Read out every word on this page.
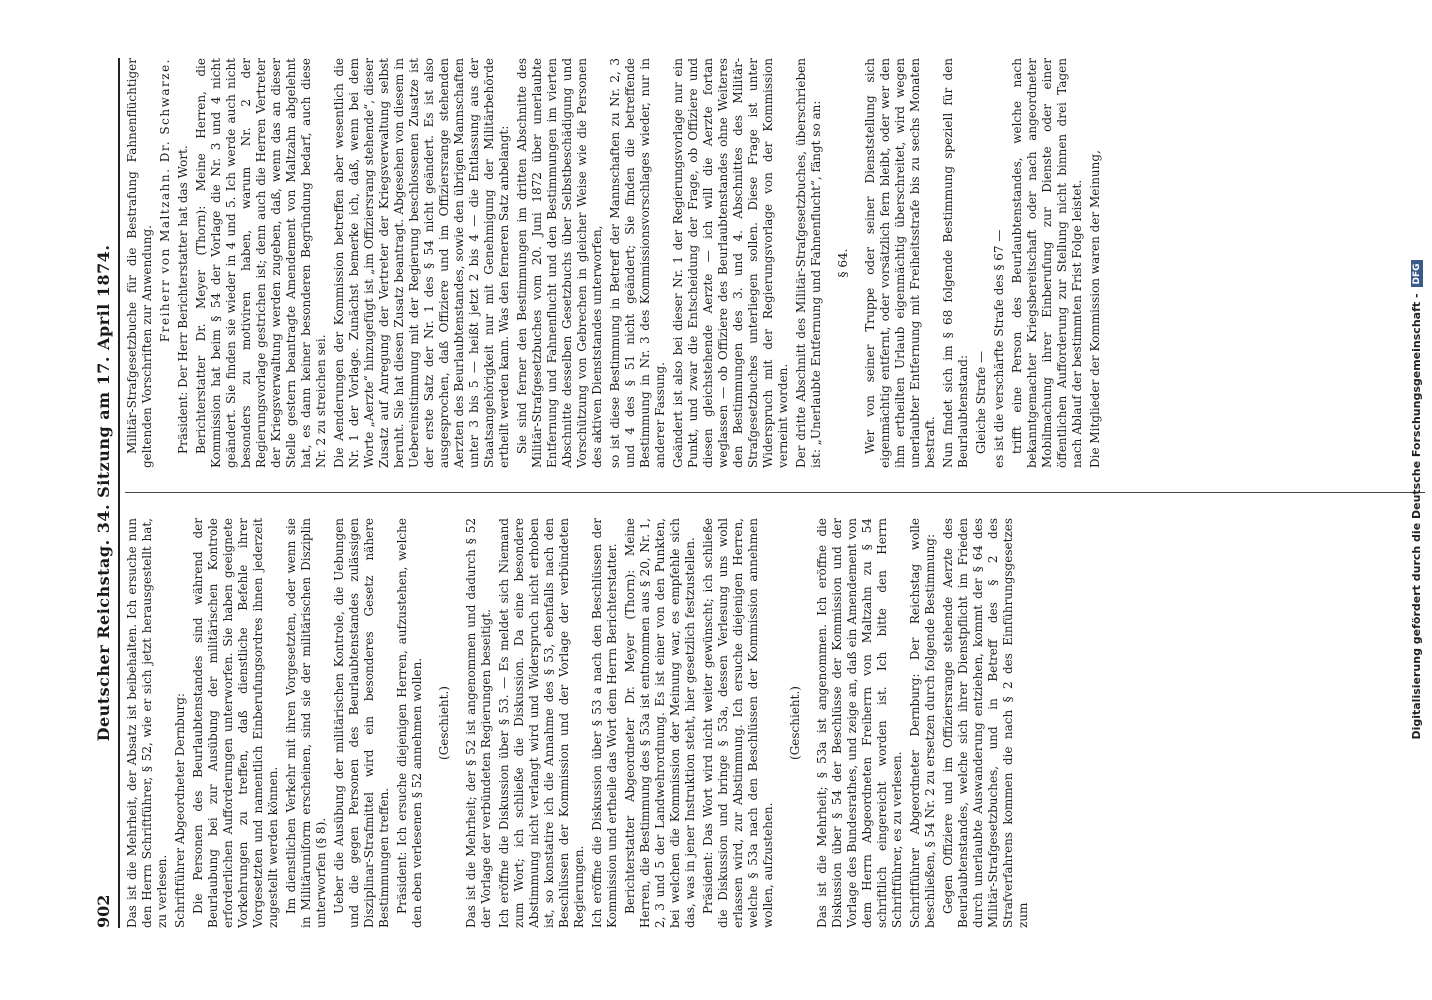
902
Deutscher Reichstag. 34. Sitzung am 17. April 1874. Das ist die Mehrheit, der Absatz ist beibehalten. Ich ersuche nun den Herrn Schriftführer, § 52, wie er sich jetzt herausgestellt hat, zu verlesen. Schriftführer Abgeordneter Dernburg: Die Personen des Beurlaubtenstandes sind während der Beurlaubung bei zur Ausübung der militärischen Kontrole erforderlichen Aufforderungen unterworfen. Sie haben geeignete Vorkehrungen zu treffen, daß dienstliche Befehle ihrer Vorgesetzten und namentlich Einberufungsordres ihnen jederzeit zugestellt werden können. Im dienstlichen Verkehr mit ihren Vorgesetzten, oder wenn sie in Militäruniform erscheinen, sind sie der militärischen Disziplin unterworfen (§ 8). Ueber die Ausübung der militärischen Kontrole, die Uebungen und die gegen Personen des Beurlaubtenstandes zulässigen Disziplinar-Strafmittel wird ein besonderes Gesetz nähere Bestimmungen treffen. Präsident: Ich ersuche diejenigen Herren, aufzustehen, welche den eben verlesenen § 52 annehmen wollen. (Geschieht.) Das ist die Mehrheit; der § 52 ist angenommen und dadurch § 52 der Vorlage der verbündeten Regierungen beseitigt. Ich eröffne die Diskussion über § 53. — Es meldet sich Niemand zum Wort; ich schließe die Diskussion. Da eine besondere Abstimmung nicht verlangt wird und Widerspruch nicht erhoben ist, so konstatire ich die Annahme des § 53, ebenfalls nach den Beschlüssen der Kommission und der Vorlage der verbündeten Regierungen. Ich eröffne die Diskussion über § 53 a nach den Beschlüssen der Kommission und ertheile das Wort dem Herrn Berichterstatter. Berichterstatter Abgeordneter Dr. Meyer (Thorn): Meine Herren, die Bestimmung des § 53a ist entnommen aus § 20, Nr. 1, 2, 3 und 5 der Landwehrordnung. Es ist einer von den Punkten, bei welchen die Kommission der Meinung war, es empfehle sich das, was in jener Instruktion steht, hier gesetzlich festzustellen. Präsident: Das Wort wird nicht weiter gewünscht; ich schließe die Diskussion und bringe § 53a, dessen Verlesung uns wohl erlassen wird, zur Abstimmung. Ich ersuche diejenigen Herren, welche § 53a nach den Beschlüssen der Kommission annehmen wollen, aufzustehen.

(Geschieht.) Das ist die Mehrheit; § 53a ist angenommen. Ich eröffne die Diskussion über § 54 der Beschlüsse der Kommission und der Vorlage des Bundesrathes, und zeige an, daß ein Amendement von dem Herrn Abgeordneten Freiherrn von Maltzahn zu § 54 schriftlich eingereicht worden ist. Ich bitte den Herrn Schriftführer, es zu verlesen. Schriftführer Abgeordneter Dernburg: Der Reichstag wolle beschließen, § 54 Nr. 2 zu ersetzen durch folgende Bestimmung: Gegen Offiziere und im Offiziersrange stehende Aerzte des Beurlaubtenstandes, welche sich ihrer Dienstpflicht im Frieden durch unerlaubte Auswanderung entziehen, kommt der § 64 des Militär-Strafgesetzbuches, und in Betreff des § 2 des Strafverfahrens kommen die nach § 2 des Einführungsgesetzes zum

Militär-Strafgesetzbuche für die Bestrafung Fahnenflüchtiger geltenden Vorschriften zur Anwendung.

Freiherr von Maltzahn. Dr. Schwarze. Präsident: Der Herr Berichterstatter hat das Wort. Berichterstatter Dr. Meyer (Thorn): Meine Herren, die Kommission hat beim § 54 der Vorlage die Nr. 3 und 4 nicht geändert. Sie finden sie wieder in 4 und 5. Ich werde auch nicht besonders zu motiviren haben, warum Nr. 2 der Regierungsvorlage gestrichen ist; denn auch die Herren Vertreter der Kriegsverwaltung werden zugeben, daß, wenn das an dieser Stelle gestern beantragte Amendement von Maltzahn abgelehnt hat, es dann keiner besonderen Begründung bedarf, auch diese Nr. 2 zu streichen sei. Die Aenderungen der Kommission betreffen aber wesentlich die Nr. 1 der Vorlage. Zunächst bemerke ich, daß, wenn bei dem Worte „Aerzte“ hinzugefügt ist „im Offiziersrang stehende“, dieser Zusatz auf Anregung der Vertreter der Kriegsverwaltung selbst beruht. Sie hat diesen Zusatz beantragt. Abgesehen von diesem in Uebereinstimmung mit der Regierung beschlossenen Zusatze ist der erste Satz der Nr. 1 des § 54 nicht geändert. Es ist also ausgesprochen, daß Offiziere und im Offiziersrange stehenden Aerzten des Beurlaubtenstandes, sowie den übrigen Mannschaften unter 3 bis 5 — heißt jetzt 2 bis 4 — die Entlassung aus der Staatsangehörigkeit nur mit Genehmigung der Militärbehörde ertheilt werden kann. Was den ferneren Satz anbelangt: Sie sind ferner den Bestimmungen im dritten Abschnitte des Militär-Strafgesetzbuches vom 20. Juni 1872 über unerlaubte Entfernung und Fahnenflucht und den Bestimmungen im vierten Abschnitte desselben Gesetzbuchs über Selbstbeschädigung und Vorschützung von Gebrechen in gleicher Weise wie die Personen des aktiven Dienststandes unterworfen, so ist diese Bestimmung in Betreff der Mannschaften zu Nr. 2, 3 und 4 des § 51 nicht geändert; Sie finden die betreffende Bestimmung in Nr. 3 des Kommissionsvorschlages wieder, nur in anderer Fassung. Geändert ist also bei dieser Nr. 1 der Regierungsvorlage nur ein Punkt, und zwar die Entscheidung der Frage, ob Offiziere und diesen gleichstehende Aerzte — ich will die Aerzte fortan weglassen — ob Offiziere des Beurlaubtenstandes ohne Weiteres den Bestimmungen des 3. und 4. Abschnittes des Militär-Strafgesetzbuches unterliegen sollen. Diese Frage ist unter Widerspruch mit der Regierungsvorlage von der Kommission verneint worden. Der dritte Abschnitt des Militär-Strafgesetzbuches, überschrieben ist: „Unerlaubte Entfernung und Fahnenflucht“, fängt so an: § 64. Wer von seiner Truppe oder seiner Dienststellung sich eigenmächtig entfernt, oder vorsätzlich fern bleibt, oder wer den ihm ertheilten Urlaub eigenmächtig überschreitet, wird wegen unerlaubter Entfernung mit Freiheitsstrafe bis zu sechs Monaten bestraft. Nun findet sich im § 68 folgende Bestimmung speziell für den Beurlaubtenstand: Gleiche Strafe — es ist die verschärfte Strafe des § 67 — trifft eine Person des Beurlaubtenstandes, welche nach bekanntgemachter Kriegsbereitschaft oder nach angeordneter Mobilmachung ihrer Einberufung zur Dienste oder einer öffentlichen Aufforderung zur Stellung nicht binnen drei Tagen nach Ablauf der bestimmten Frist Folge leistet. Die Mitglieder der Kommission waren der Meinung,	Digitalisierung gefördert durch die Deutsche Forschungsgemeinschaft -DFG
